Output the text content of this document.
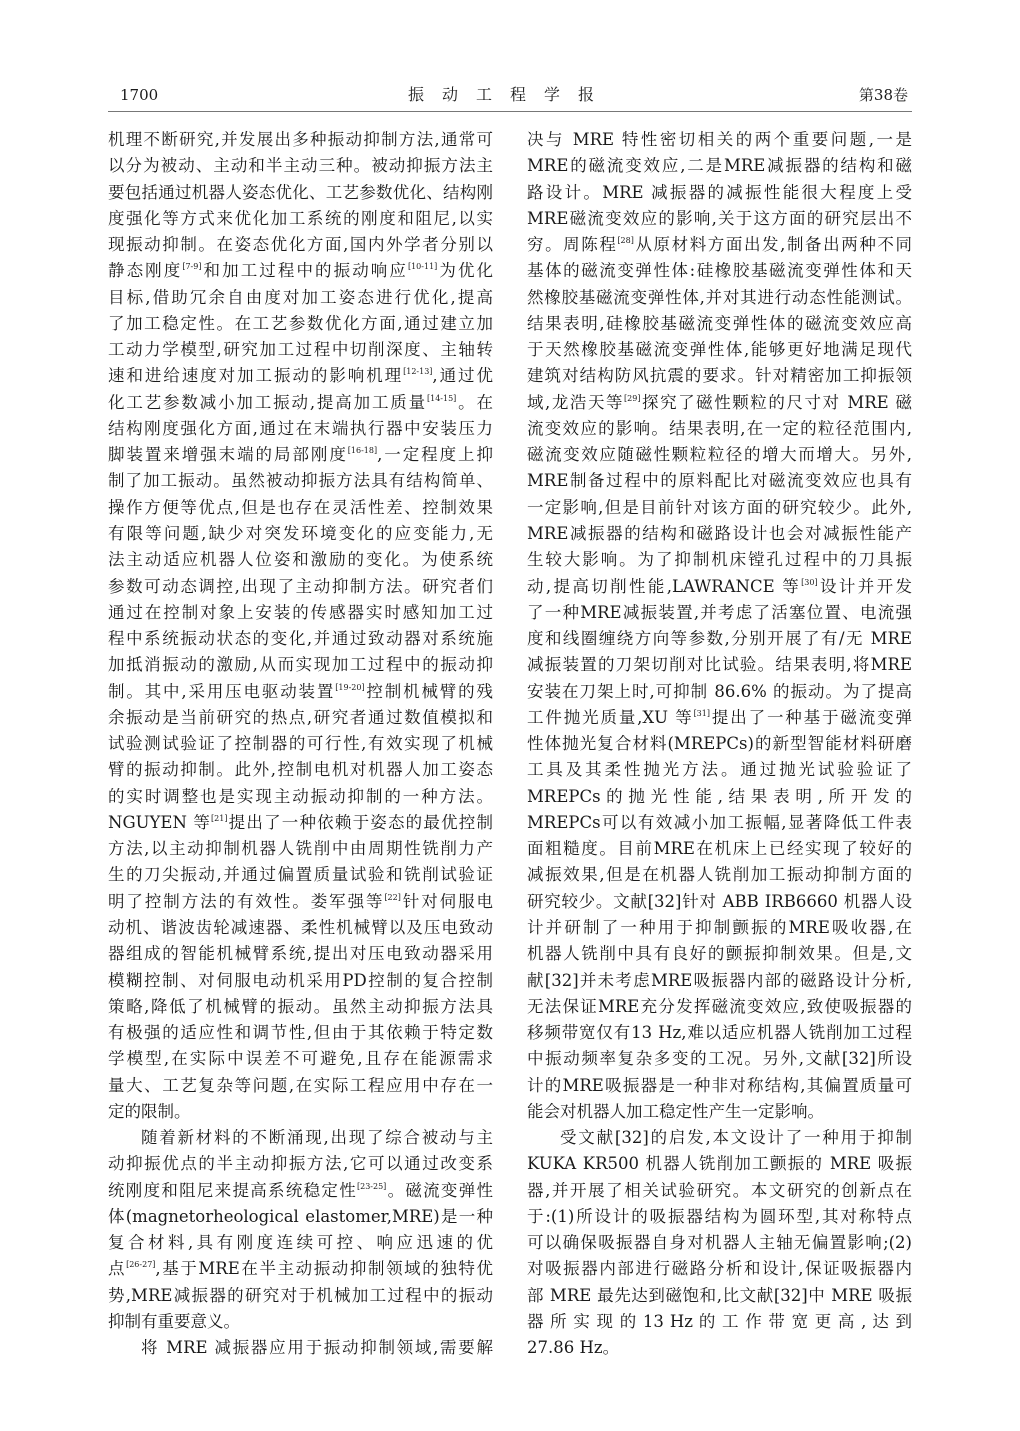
1700	振动工程学报	第38卷
机理不断研究,并发展出多种振动抑制方法,通常可
以分为被动、主动和半主动三种。被动抑振方法主
要包括通过机器人姿态优化、工艺参数优化、结构刚
度强化等方式来优化加工系统的刚度和阻尼,以实
现振动抑制。在姿态优化方面,国内外学者分别以
静态刚度[7-9]和加工过程中的振动响应[10-11]为优化
目标,借助冗余自由度对加工姿态进行优化,提高
了加工稳定性。在工艺参数优化方面,通过建立加
工动力学模型,研究加工过程中切削深度、主轴转
速和进给速度对加工振动的影响机理[12-13],通过优
化工艺参数减小加工振动,提高加工质量[14-15]。在
结构刚度强化方面,通过在末端执行器中安装压力
脚装置来增强末端的局部刚度[16-18],一定程度上抑
制了加工振动。虽然被动抑振方法具有结构简单、
操作方便等优点,但是也存在灵活性差、控制效果
有限等问题,缺少对突发环境变化的应变能力,无
法主动适应机器人位姿和激励的变化。为使系统
参数可动态调控,出现了主动抑制方法。研究者们
通过在控制对象上安装的传感器实时感知加工过
程中系统振动状态的变化,并通过致动器对系统施
加抵消振动的激励,从而实现加工过程中的振动抑
制。其中,采用压电驱动装置[19-20]控制机械臂的残
余振动是当前研究的热点,研究者通过数值模拟和
试验测试验证了控制器的可行性,有效实现了机械
臂的振动抑制。此外,控制电机对机器人加工姿态
的实时调整也是实现主动振动抑制的一种方法。
NGUYEN 等[21]提出了一种依赖于姿态的最优控制
方法,以主动抑制机器人铣削中由周期性铣削力产
生的刀尖振动,并通过偏置质量试验和铣削试验证
明了控制方法的有效性。娄军强等[22]针对伺服电
动机、谐波齿轮减速器、柔性机械臂以及压电致动
器组成的智能机械臂系统,提出对压电致动器采用
模糊控制、对伺服电动机采用PD控制的复合控制
策略,降低了机械臂的振动。虽然主动抑振方法具
有极强的适应性和调节性,但由于其依赖于特定数
学模型,在实际中误差不可避免,且存在能源需求
量大、工艺复杂等问题,在实际工程应用中存在一
定的限制。
随着新材料的不断涌现,出现了综合被动与主
动抑振优点的半主动抑振方法,它可以通过改变系
统刚度和阻尼来提高系统稳定性[23-25]。磁流变弹性
体(magnetorheological elastomer,MRE)是一种
复合材料,具有刚度连续可控、响应迅速的优
点[26-27],基于MRE在半主动振动抑制领域的独特优
势,MRE减振器的研究对于机械加工过程中的振动
抑制有重要意义。
将 MRE 减振器应用于振动抑制领域,需要解
决与 MRE 特性密切相关的两个重要问题,一是
MRE的磁流变效应,二是MRE减振器的结构和磁
路设计。MRE 减振器的减振性能很大程度上受
MRE磁流变效应的影响,关于这方面的研究层出不
穷。周陈程[28]从原材料方面出发,制备出两种不同
基体的磁流变弹性体:硅橡胶基磁流变弹性体和天
然橡胶基磁流变弹性体,并对其进行动态性能测试。
结果表明,硅橡胶基磁流变弹性体的磁流变效应高
于天然橡胶基磁流变弹性体,能够更好地满足现代
建筑对结构防风抗震的要求。针对精密加工抑振领
域,龙浩天等[29]探究了磁性颗粒的尺寸对 MRE 磁
流变效应的影响。结果表明,在一定的粒径范围内,
磁流变效应随磁性颗粒粒径的增大而增大。另外,
MRE制备过程中的原料配比对磁流变效应也具有
一定影响,但是目前针对该方面的研究较少。此外,
MRE减振器的结构和磁路设计也会对减振性能产
生较大影响。为了抑制机床镗孔过程中的刀具振
动,提高切削性能,LAWRANCE 等[30]设计并开发
了一种MRE减振装置,并考虑了活塞位置、电流强
度和线圈缠绕方向等参数,分别开展了有/无 MRE
减振装置的刀架切削对比试验。结果表明,将MRE
安装在刀架上时,可抑制 86.6% 的振动。为了提高
工件抛光质量,XU 等[31]提出了一种基于磁流变弹
性体抛光复合材料(MREPCs)的新型智能材料研磨
工具及其柔性抛光方法。通过抛光试验验证了
MREPCs 的 抛 光 性 能 , 结 果 表 明 , 所 开 发 的
MREPCs可以有效减小加工振幅,显著降低工件表
面粗糙度。目前MRE在机床上已经实现了较好的
减振效果,但是在机器人铣削加工振动抑制方面的
研究较少。文献[32]针对 ABB IRB6660 机器人设
计并研制了一种用于抑制颤振的MRE吸收器,在
机器人铣削中具有良好的颤振抑制效果。但是,文
献[32]并未考虑MRE吸振器内部的磁路设计分析,
无法保证MRE充分发挥磁流变效应,致使吸振器的
移频带宽仅有13 Hz,难以适应机器人铣削加工过程
中振动频率复杂多变的工况。另外,文献[32]所设
计的MRE吸振器是一种非对称结构,其偏置质量可
能会对机器人加工稳定性产生一定影响。
受文献[32]的启发,本文设计了一种用于抑制
KUKA KR500 机器人铣削加工颤振的 MRE 吸振
器,并开展了相关试验研究。本文研究的创新点在
于:(1)所设计的吸振器结构为圆环型,其对称特点
可以确保吸振器自身对机器人主轴无偏置影响;(2)
对吸振器内部进行磁路分析和设计,保证吸振器内
部 MRE 最先达到磁饱和,比文献[32]中 MRE 吸振
器 所 实 现 的 13 Hz 的 工 作 带 宽 更 高 , 达 到
27.86 Hz。
